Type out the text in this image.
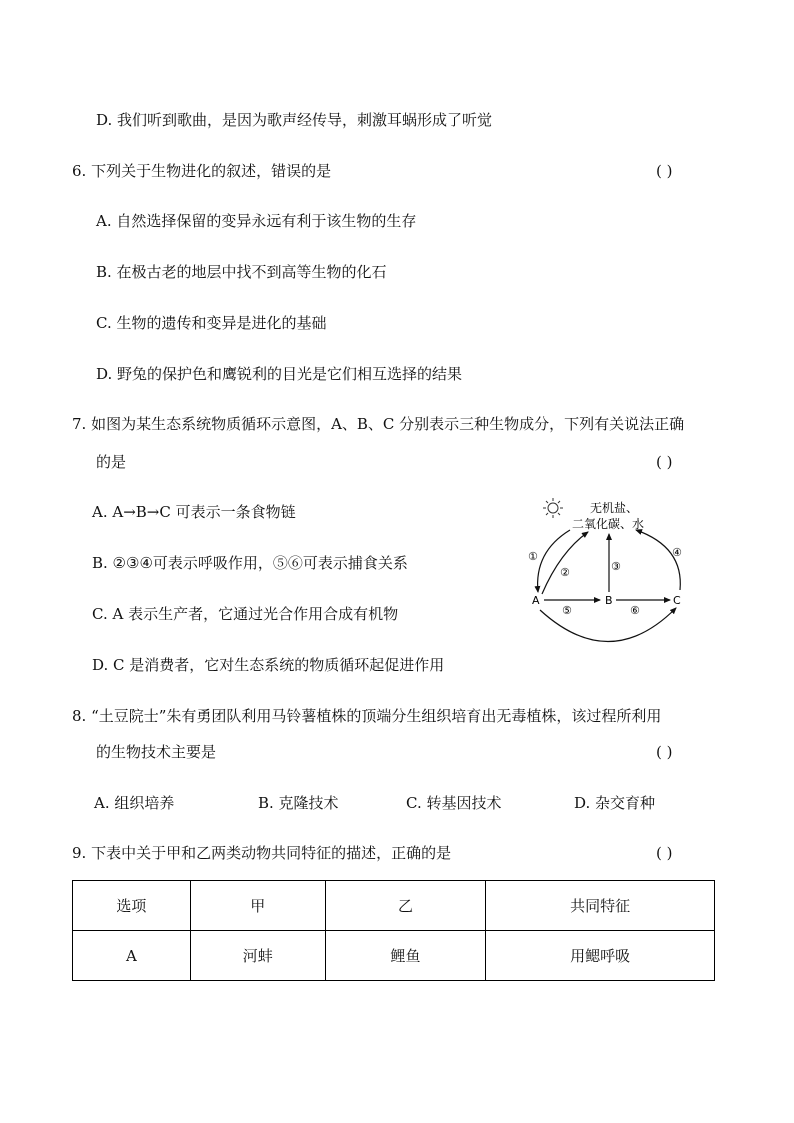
D. 我们听到歌曲，是因为歌声经传导，刺激耳蜗形成了听觉
6. 下列关于生物进化的叙述，错误的是	( )
A. 自然选择保留的变异永远有利于该生物的生存
B. 在极古老的地层中找不到高等生物的化石
C. 生物的遗传和变异是进化的基础
D. 野兔的保护色和鹰锐利的目光是它们相互选择的结果
7. 如图为某生态系统物质循环示意图，A、B、C 分别表示三种生物成分，下列有关说法正确
的是	( )
A. A→B→C 可表示一条食物链
B. ②③④可表示呼吸作用，⑤⑥可表示捕食关系
C. A 表示生产者，它通过光合作用合成有机物
D. C 是消费者，它对生态系统的物质循环起促进作用
无机盐、
二氧化碳、水
A	B	C
①
②	③
④
⑤	⑥
8. “土豆院士”朱有勇团队利用马铃薯植株的顶端分生组织培育出无毒植株，该过程所利用
的生物技术主要是	( )
A. 组织培养	B. 克隆技术	C. 转基因技术	D. 杂交育种
9. 下表中关于甲和乙两类动物共同特征的描述，正确的是	( )
选项	甲	乙	共同特征
A	河蚌	鲤鱼	用鳃呼吸
